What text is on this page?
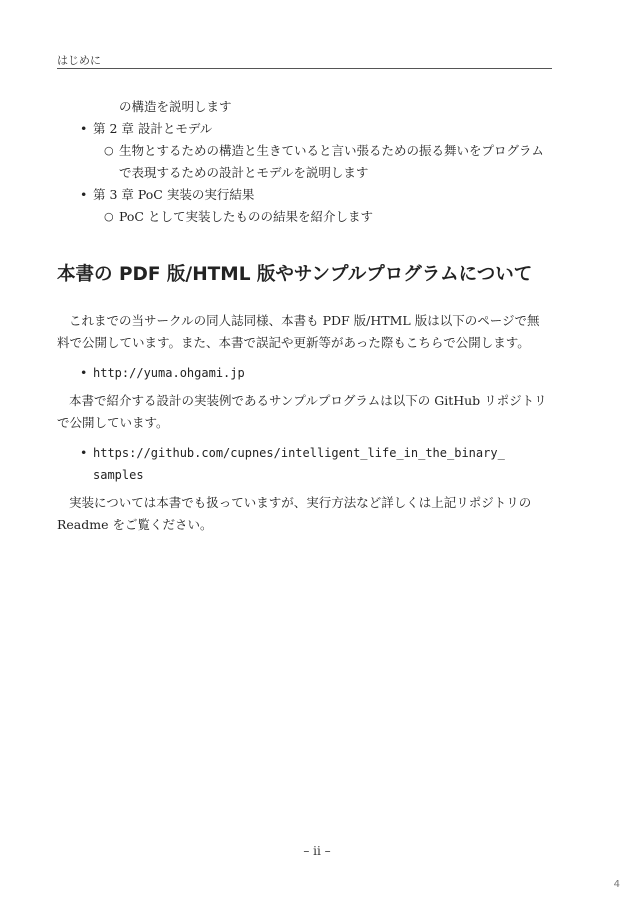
はじめに
の構造を説明します
• 第 2 章 設計とモデル
○ 生物とするための構造と生きていると言い張るための振る舞いをプログラム
で表現するための設計とモデルを説明します
• 第 3 章 PoC 実装の実行結果
○ PoC として実装したものの結果を紹介します
本書の PDF 版/HTML 版やサンプルプログラムについて
これまでの当サークルの同人誌同様、本書も PDF 版/HTML 版は以下のページで無
料で公開しています。また、本書で誤記や更新等があった際もこちらで公開します。
• http://yuma.ohgami.jp
本書で紹介する設計の実装例であるサンプルプログラムは以下の GitHub リポジトリ
で公開しています。
• https://github.com/cupnes/intelligent_life_in_the_binary_
samples
実装については本書でも扱っていますが、実行方法など詳しくは上記リポジトリの
Readme をご覧ください。
– ii –
4
